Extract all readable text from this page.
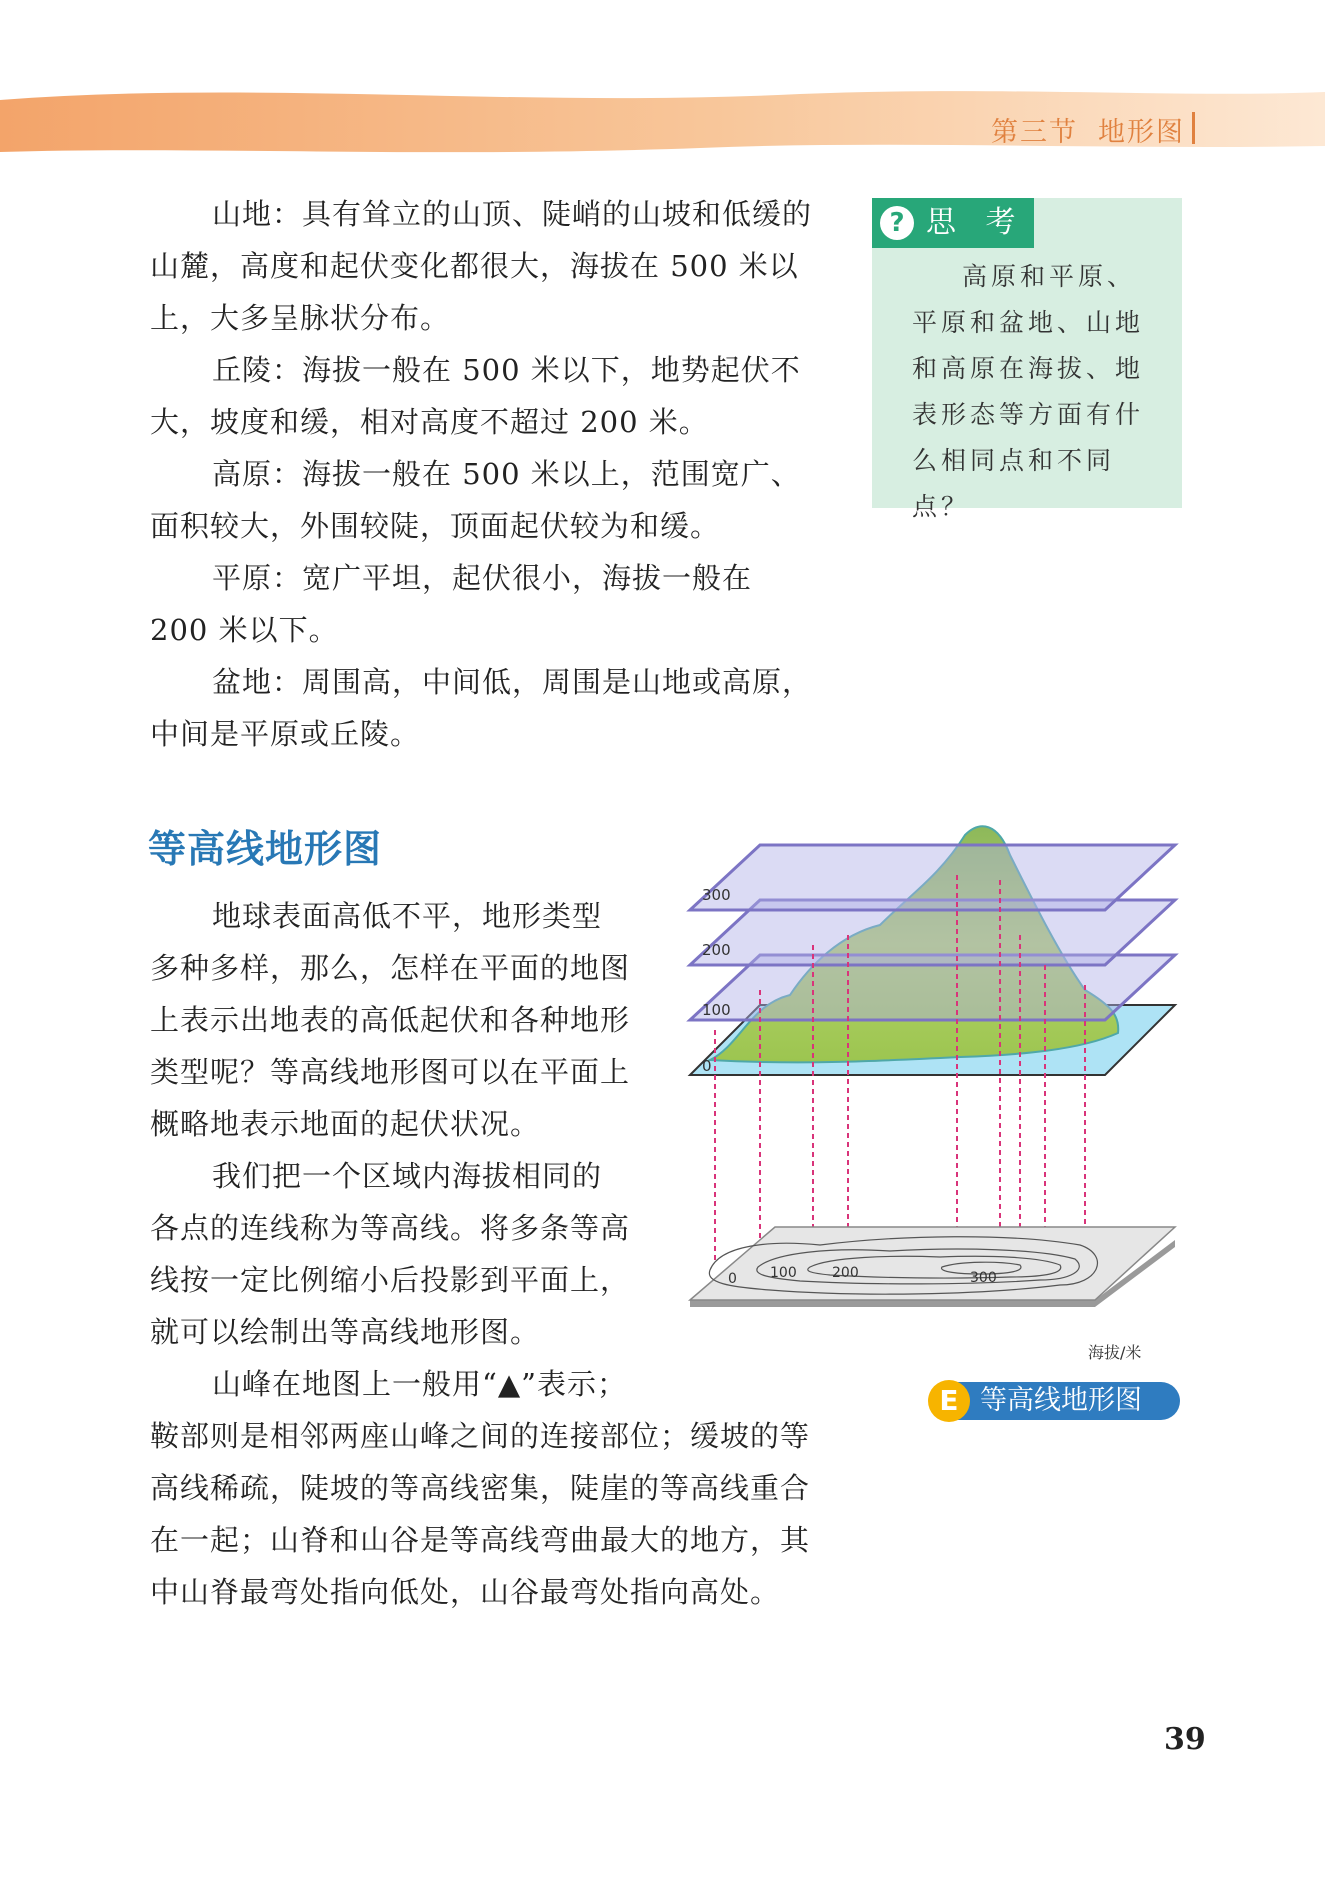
第三节 地形图

山地：具有耸立的山顶、陡峭的山坡和低缓的山麓，高度和起伏变化都很大，海拔在 500 米以上，大多呈脉状分布。

丘陵：海拔一般在 500 米以下，地势起伏不大，坡度和缓，相对高度不超过 200 米。

高原：海拔一般在 500 米以上，范围宽广、面积较大，外围较陡，顶面起伏较为和缓。

平原：宽广平坦，起伏很小，海拔一般在 200 米以下。

盆地：周围高，中间低，周围是山地或高原，中间是平原或丘陵。

? 思 考

高原和平原、平原和盆地、山地和高原在海拔、地表形态等方面有什么相同点和不同点？

等高线地形图

地球表面高低不平，地形类型多种多样，那么，怎样在平面的地图上表示出地表的高低起伏和各种地形类型呢？等高线地形图可以在平面上概略地表示地面的起伏状况。

我们把一个区域内海拔相同的各点的连线称为等高线。将多条等高线按一定比例缩小后投影到平面上，就可以绘制出等高线地形图。

山峰在地图上一般用“▲”表示；

鞍部则是相邻两座山峰之间的连接部位；缓坡的等高线稀疏，陡坡的等高线密集，陡崖的等高线重合在一起；山脊和山谷是等高线弯曲最大的地方，其中山脊最弯处指向低处，山谷最弯处指向高处。

300
200
100
0
0 100	200	300
海拔/米
E 等高线地形图
39
